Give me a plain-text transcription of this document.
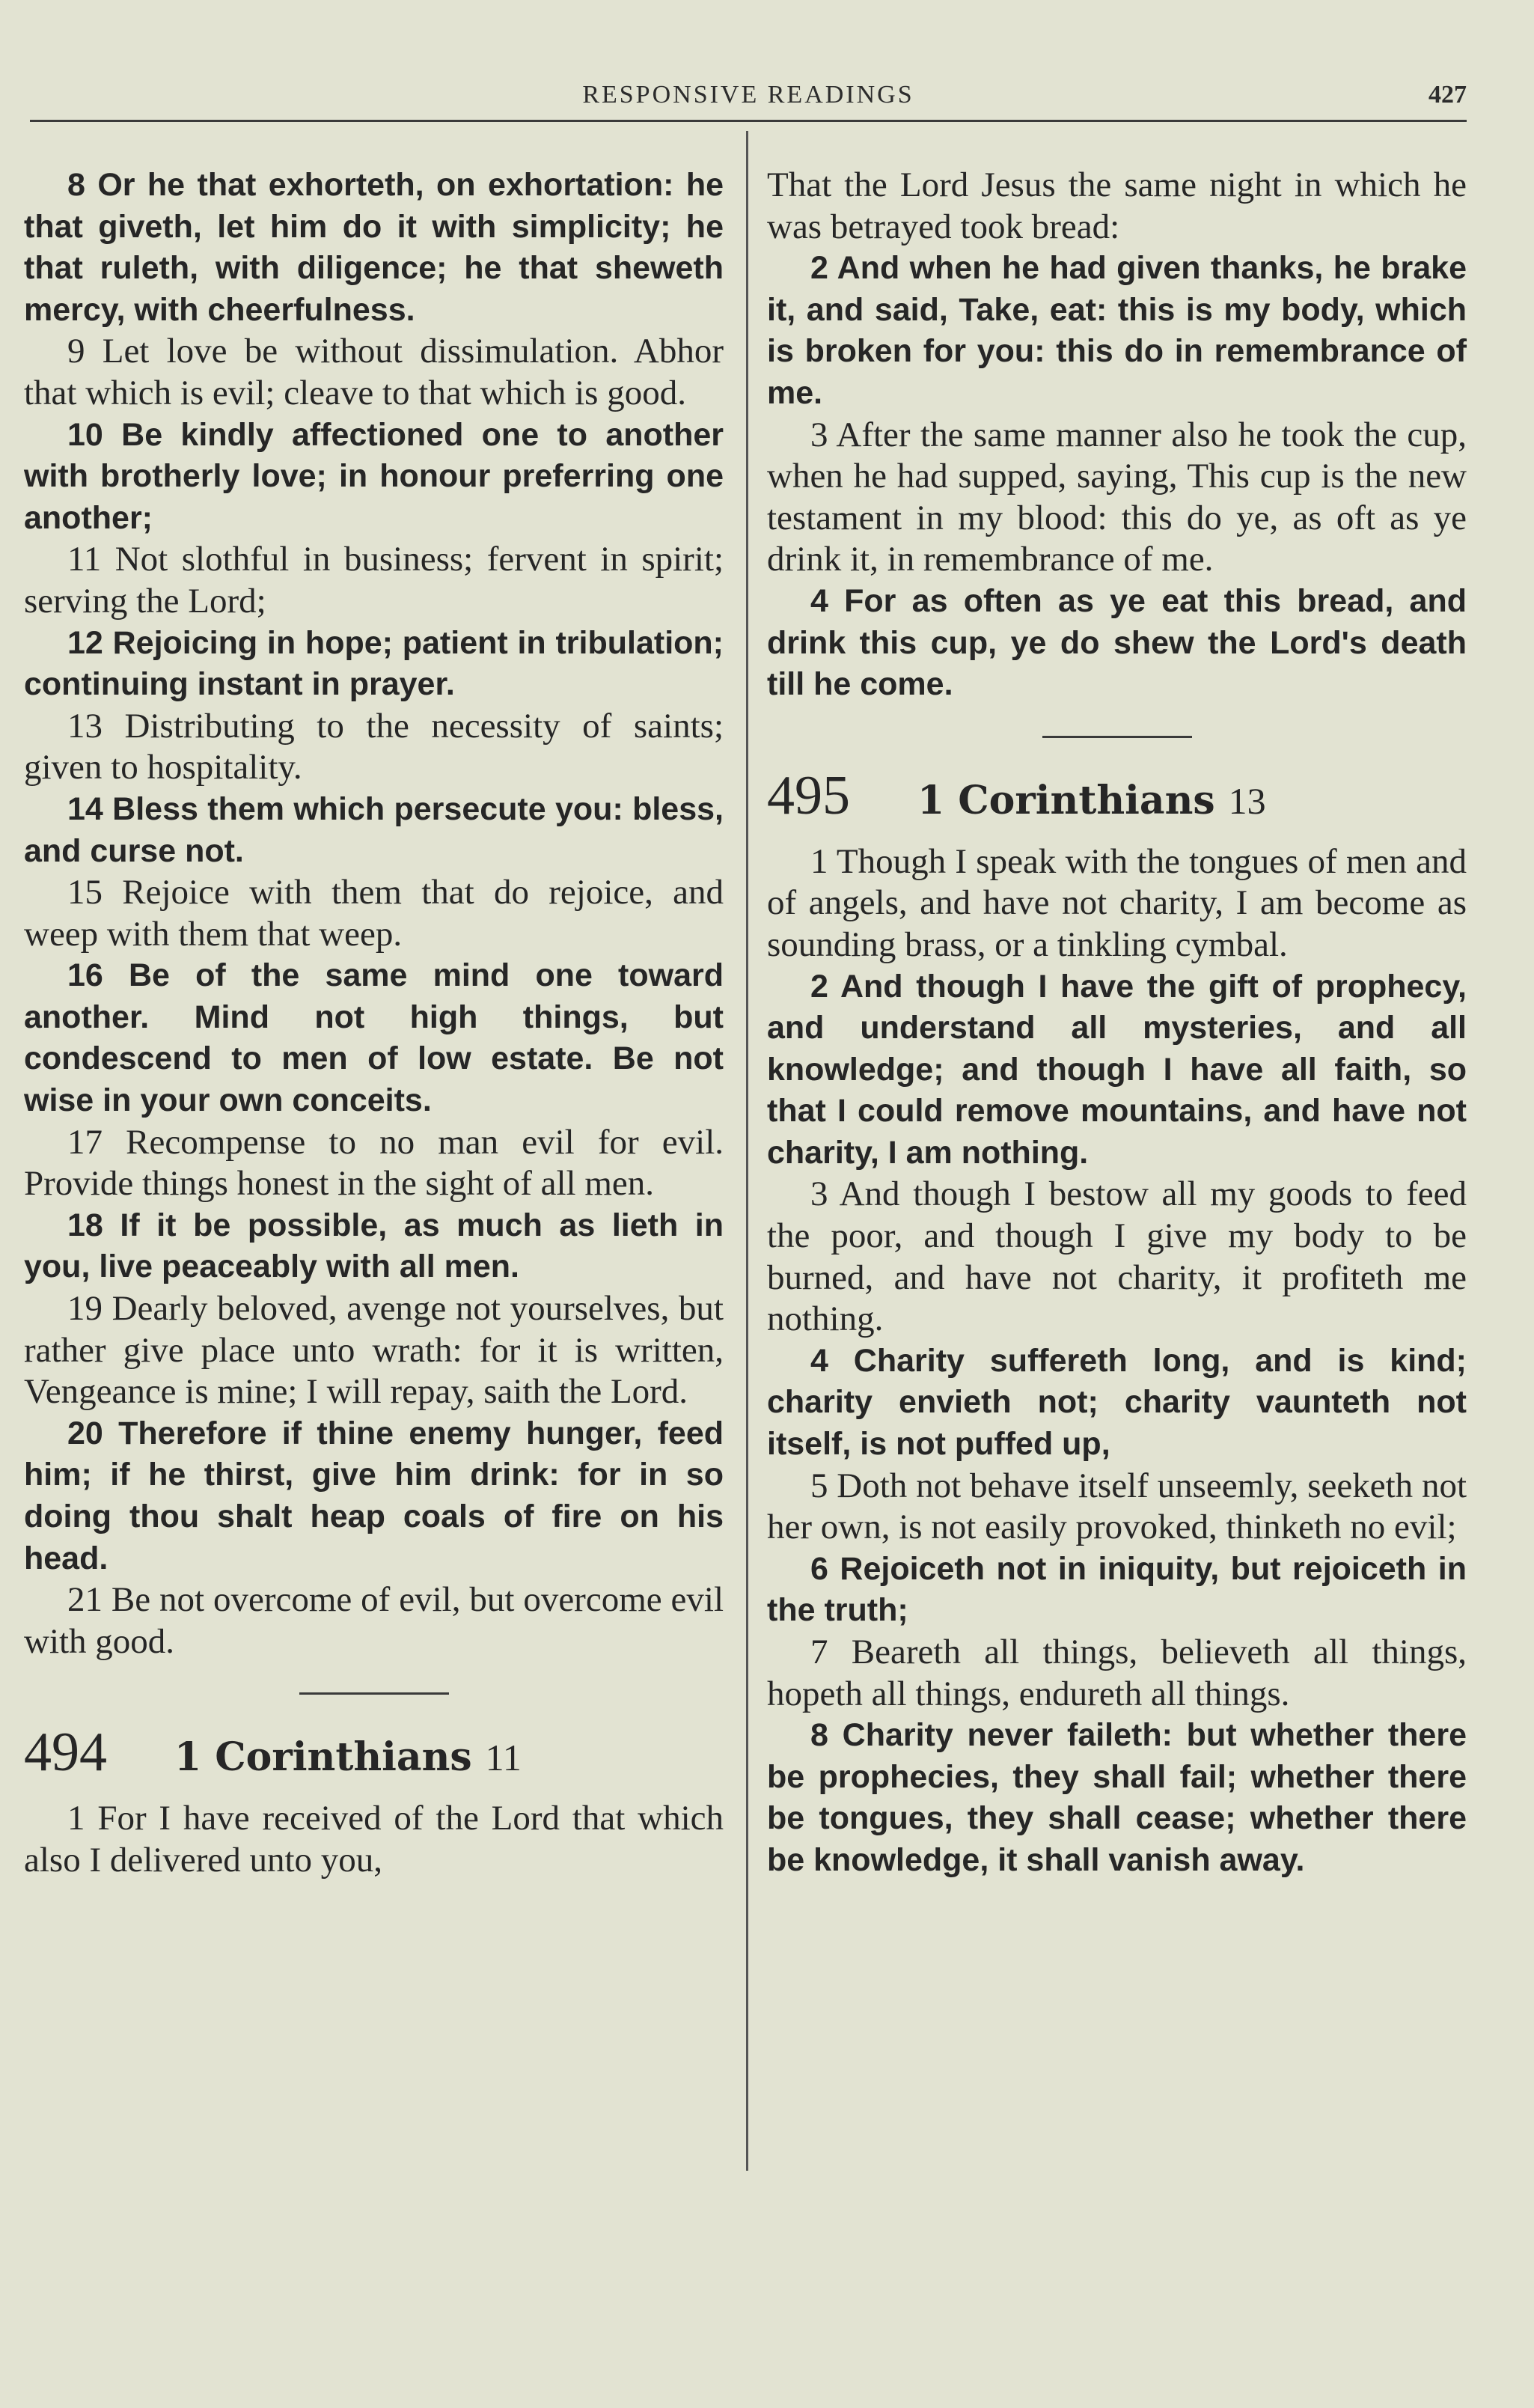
RESPONSIVE READINGS	427

8 Or he that exhorteth, on exhortation: he that giveth, let him do it with simplicity; he that ruleth, with diligence; he that sheweth mercy, with cheerfulness.

9 Let love be without dissimulation. Abhor that which is evil; cleave to that which is good.

10 Be kindly affectioned one to another with brotherly love; in honour preferring one another;

11 Not slothful in business; fervent in spirit; serving the Lord;

12 Rejoicing in hope; patient in tribulation; continuing instant in prayer.

13 Distributing to the necessity of saints; given to hospitality.

14 Bless them which persecute you: bless, and curse not.

15 Rejoice with them that do rejoice, and weep with them that weep.

16 Be of the same mind one toward another. Mind not high things, but condescend to men of low estate. Be not wise in your own conceits.

17 Recompense to no man evil for evil. Provide things honest in the sight of all men.

18 If it be possible, as much as lieth in you, live peaceably with all men.

19 Dearly beloved, avenge not yourselves, but rather give place unto wrath: for it is written, Vengeance is mine; I will repay, saith the Lord.

20 Therefore if thine enemy hunger, feed him; if he thirst, give him drink: for in so doing thou shalt heap coals of fire on his head.

21 Be not overcome of evil, but overcome evil with good.

494 1 Corinthians 11

1 For I have received of the Lord that which also I delivered unto you,

That the Lord Jesus the same night in which he was betrayed took bread:

2 And when he had given thanks, he brake it, and said, Take, eat: this is my body, which is broken for you: this do in remembrance of me.

3 After the same manner also he took the cup, when he had supped, saying, This cup is the new testament in my blood: this do ye, as oft as ye drink it, in remembrance of me.

4 For as often as ye eat this bread, and drink this cup, ye do shew the Lord's death till he come.

495 1 Corinthians 13

1 Though I speak with the tongues of men and of angels, and have not charity, I am become as sounding brass, or a tinkling cymbal.

2 And though I have the gift of prophecy, and understand all mysteries, and all knowledge; and though I have all faith, so that I could remove mountains, and have not charity, I am nothing.

3 And though I bestow all my goods to feed the poor, and though I give my body to be burned, and have not charity, it profiteth me nothing.

4 Charity suffereth long, and is kind; charity envieth not; charity vaunteth not itself, is not puffed up,

5 Doth not behave itself unseemly, seeketh not her own, is not easily provoked, thinketh no evil;

6 Rejoiceth not in iniquity, but rejoiceth in the truth;

7 Beareth all things, believeth all things, hopeth all things, endureth all things.

8 Charity never faileth: but whether there be prophecies, they shall fail; whether there be tongues, they shall cease; whether there be knowledge, it shall vanish away.
